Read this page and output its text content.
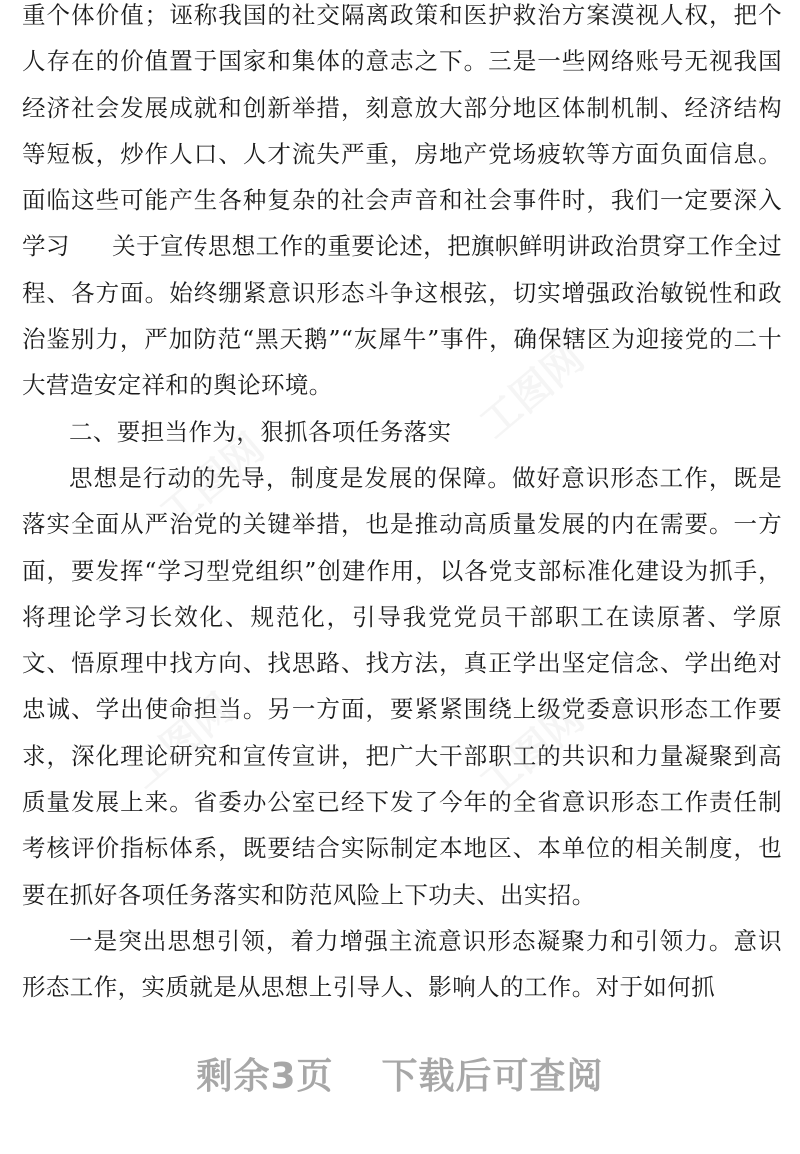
重个体价值；诬称我国的社交隔离政策和医护救治方案漠视人权，把个人存在的价值置于国家和集体的意志之下。三是一些网络账号无视我国经济社会发展成就和创新举措，刻意放大部分地区体制机制、经济结构等短板，炒作人口、人才流失严重，房地产党场疲软等方面负面信息。面临这些可能产生各种复杂的社会声音和社会事件时，我们一定要深入学习 关于宣传思想工作的重要论述，把旗帜鲜明讲政治贯穿工作全过程、各方面。始终绷紧意识形态斗争这根弦，切实增强政治敏锐性和政治鉴别力，严加防范“黑天鹅”“灰犀牛”事件，确保辖区为迎接党的二十大营造安定祥和的舆论环境。

二、要担当作为，狠抓各项任务落实

思想是行动的先导，制度是发展的保障。做好意识形态工作，既是落实全面从严治党的关键举措，也是推动高质量发展的内在需要。一方面，要发挥“学习型党组织”创建作用，以各党支部标准化建设为抓手，将理论学习长效化、规范化，引导我党党员干部职工在读原著、学原文、悟原理中找方向、找思路、找方法，真正学出坚定信念、学出绝对忠诚、学出使命担当。另一方面，要紧紧围绕上级党委意识形态工作要求，深化理论研究和宣传宣讲，把广大干部职工的共识和力量凝聚到高质量发展上来。省委办公室已经下发了今年的全省意识形态工作责任制考核评价指标体系，既要结合实际制定本地区、本单位的相关制度，也要在抓好各项任务落实和防范风险上下功夫、出实招。

一是突出思想引领，着力增强主流意识形态凝聚力和引领力。意识形态工作，实质就是从思想上引导人、影响人的工作。对于如何抓

工图网
工图网
工图网
工图网
剩余3页 下载后可查阅
